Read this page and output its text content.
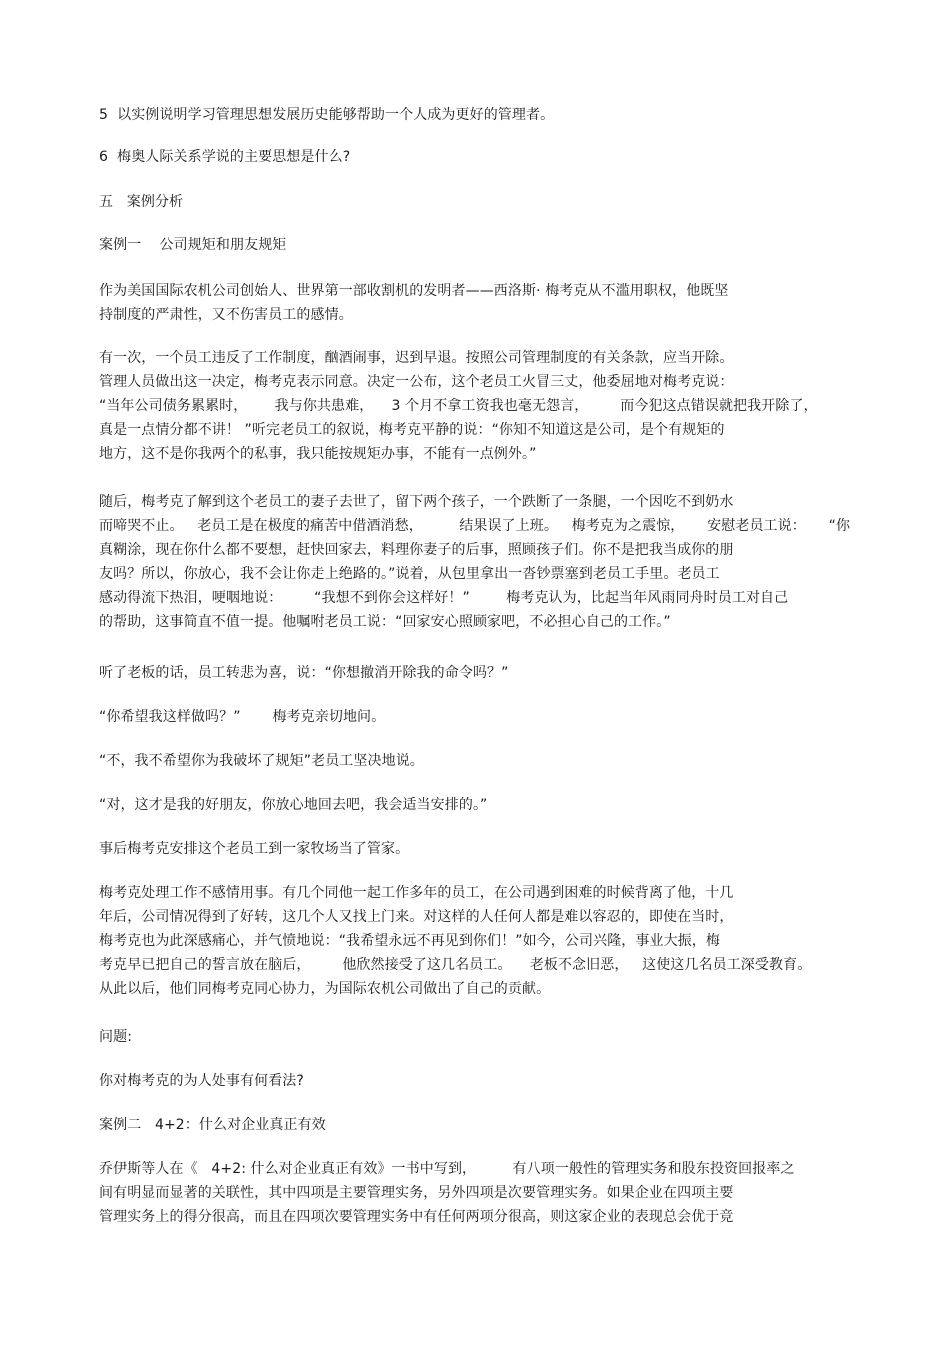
5  以实例说明学习管理思想发展历史能够帮助一个人成为更好的管理者。

6  梅奥人际关系学说的主要思想是什么?

五   案例分析

案例一    公司规矩和朋友规矩

作为美国国际农机公司创始人、世界第一部收割机的发明者——西洛斯· 梅考克从不滥用职权，他既坚
持制度的严肃性，又不伤害员工的感情。

有一次，一个员工违反了工作制度，酗酒闹事，迟到早退。按照公司管理制度的有关条款，应当开除。
管理人员做出这一决定，梅考克表示同意。决定一公布，这个老员工火冒三丈，他委屈地对梅考克说：
“当年公司债务累累时，      我与你共患难，    3 个月不拿工资我也毫无怨言，       而今犯这点错误就把我开除了，
真是一点情分都不讲！ ”听完老员工的叙说，梅考克平静的说：“你知不知道这是公司，是个有规矩的
地方，这不是你我两个的私事，我只能按规矩办事，不能有一点例外。”

随后，梅考克了解到这个老员工的妻子去世了，留下两个孩子，一个跌断了一条腿，一个因吃不到奶水
而啼哭不止。   老员工是在极度的痛苦中借酒消愁，        结果误了上班。   梅考克为之震惊，     安慰老员工说：     “你
真糊涂，现在你什么都不要想，赶快回家去，料理你妻子的后事，照顾孩子们。你不是把我当成你的朋
友吗？所以，你放心，我不会让你走上绝路的。”说着，从包里拿出一沓钞票塞到老员工手里。老员工
感动得流下热泪，哽咽地说：       “我想不到你会这样好！”        梅考克认为，比起当年风雨同舟时员工对自己
的帮助，这事简直不值一提。他嘱咐老员工说：“回家安心照顾家吧，不必担心自己的工作。”

听了老板的话，员工转悲为喜，说：“你想撤消开除我的命令吗？”

“你希望我这样做吗？”       梅考克亲切地问。

“不，我不希望你为我破坏了规矩”老员工坚决地说。

“对，这才是我的好朋友，你放心地回去吧，我会适当安排的。”

事后梅考克安排这个老员工到一家牧场当了管家。

梅考克处理工作不感情用事。有几个同他一起工作多年的员工，在公司遇到困难的时候背离了他，十几
年后，公司情况得到了好转，这几个人又找上门来。对这样的人任何人都是难以容忍的，即使在当时，
梅考克也为此深感痛心，并气愤地说：“我希望永远不再见到你们！”如今，公司兴隆，事业大振，梅
考克早已把自己的誓言放在脑后，       他欣然接受了这几名员工。    老板不念旧恶，   这使这几名员工深受教育。
从此以后，他们同梅考克同心协力，为国际农机公司做出了自己的贡献。

问题:

你对梅考克的为人处事有何看法?

案例二   4+2：什么对企业真正有效

乔伊斯等人在《   4+2: 什么对企业真正有效》一书中写到，        有八项一般性的管理实务和股东投资回报率之
间有明显而显著的关联性，其中四项是主要管理实务，另外四项是次要管理实务。如果企业在四项主要
管理实务上的得分很高，而且在四项次要管理实务中有任何两项分很高，则这家企业的表现总会优于竞
